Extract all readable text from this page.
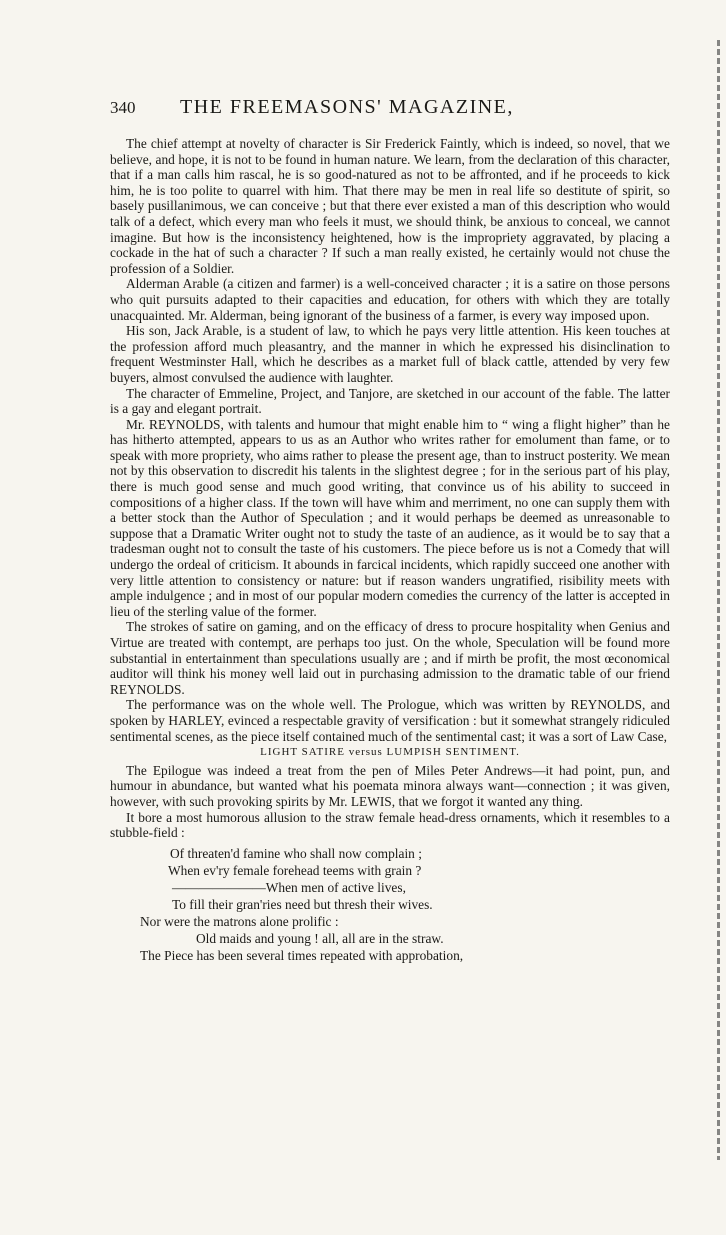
340	THE FREEMASONS' MAGAZINE,

The chief attempt at novelty of character is Sir Frederick Faintly, which is indeed, so novel, that we believe, and hope, it is not to be found in human nature. We learn, from the declaration of this character, that if a man calls him rascal, he is so good-natured as not to be affronted, and if he proceeds to kick him, he is too polite to quarrel with him. That there may be men in real life so destitute of spirit, so basely pusillanimous, we can conceive ; but that there ever existed a man of this description who would talk of a defect, which every man who feels it must, we should think, be anxious to conceal, we cannot imagine. But how is the inconsistency heightened, how is the impropriety aggravated, by placing a cockade in the hat of such a character ? If such a man really existed, he certainly would not chuse the profession of a Soldier.

Alderman Arable (a citizen and farmer) is a well-conceived character ; it is a satire on those persons who quit pursuits adapted to their capacities and education, for others with which they are totally unacquainted. Mr. Alderman, being ignorant of the business of a farmer, is every way imposed upon.

His son, Jack Arable, is a student of law, to which he pays very little attention. His keen touches at the profession afford much pleasantry, and the manner in which he expressed his disinclination to frequent Westminster Hall, which he describes as a market full of black cattle, attended by very few buyers, almost convulsed the audience with laughter.

The character of Emmeline, Project, and Tanjore, are sketched in our account of the fable. The latter is a gay and elegant portrait.

Mr. REYNOLDS, with talents and humour that might enable him to “ wing a flight higher” than he has hitherto attempted, appears to us as an Author who writes rather for emolument than fame, or to speak with more propriety, who aims rather to please the present age, than to instruct posterity. We mean not by this observation to discredit his talents in the slightest degree ; for in the serious part of his play, there is much good sense and much good writing, that convince us of his ability to succeed in compositions of a higher class. If the town will have whim and merriment, no one can supply them with a better stock than the Author of Speculation ; and it would perhaps be deemed as unreasonable to suppose that a Dramatic Writer ought not to study the taste of an audience, as it would be to say that a tradesman ought not to consult the taste of his customers. The piece before us is not a Comedy that will undergo the ordeal of criticism. It abounds in farcical incidents, which rapidly succeed one another with very little attention to consistency or nature: but if reason wanders ungratified, risibility meets with ample indulgence ; and in most of our popular modern comedies the currency of the latter is accepted in lieu of the sterling value of the former.

The strokes of satire on gaming, and on the efficacy of dress to procure hospitality when Genius and Virtue are treated with contempt, are perhaps too just. On the whole, Speculation will be found more substantial in entertainment than speculations usually are ; and if mirth be profit, the most œconomical auditor will think his money well laid out in purchasing admission to the dramatic table of our friend REYNOLDS.

The performance was on the whole well. The Prologue, which was written by REYNOLDS, and spoken by HARLEY, evinced a respectable gravity of versification : but it somewhat strangely ridiculed sentimental scenes, as the piece itself contained much of the sentimental cast; it was a sort of Law Case,

LIGHT SATIRE versus LUMPISH SENTIMENT.

The Epilogue was indeed a treat from the pen of Miles Peter Andrews—it had point, pun, and humour in abundance, but wanted what his poemata minora always want—connection ; it was given, however, with such provoking spirits by Mr. LEWIS, that we forgot it wanted any thing.

It bore a most humorous allusion to the straw female head-dress ornaments, which it resembles to a stubble-field :

Of threaten'd famine who shall now complain ;
When ev'ry female forehead teems with grain ?
———————When men of active lives,
To fill their gran'ries need but thresh their wives.
Nor were the matrons alone prolific :
Old maids and young ! all, all are in the straw.
The Piece has been several times repeated with approbation,
